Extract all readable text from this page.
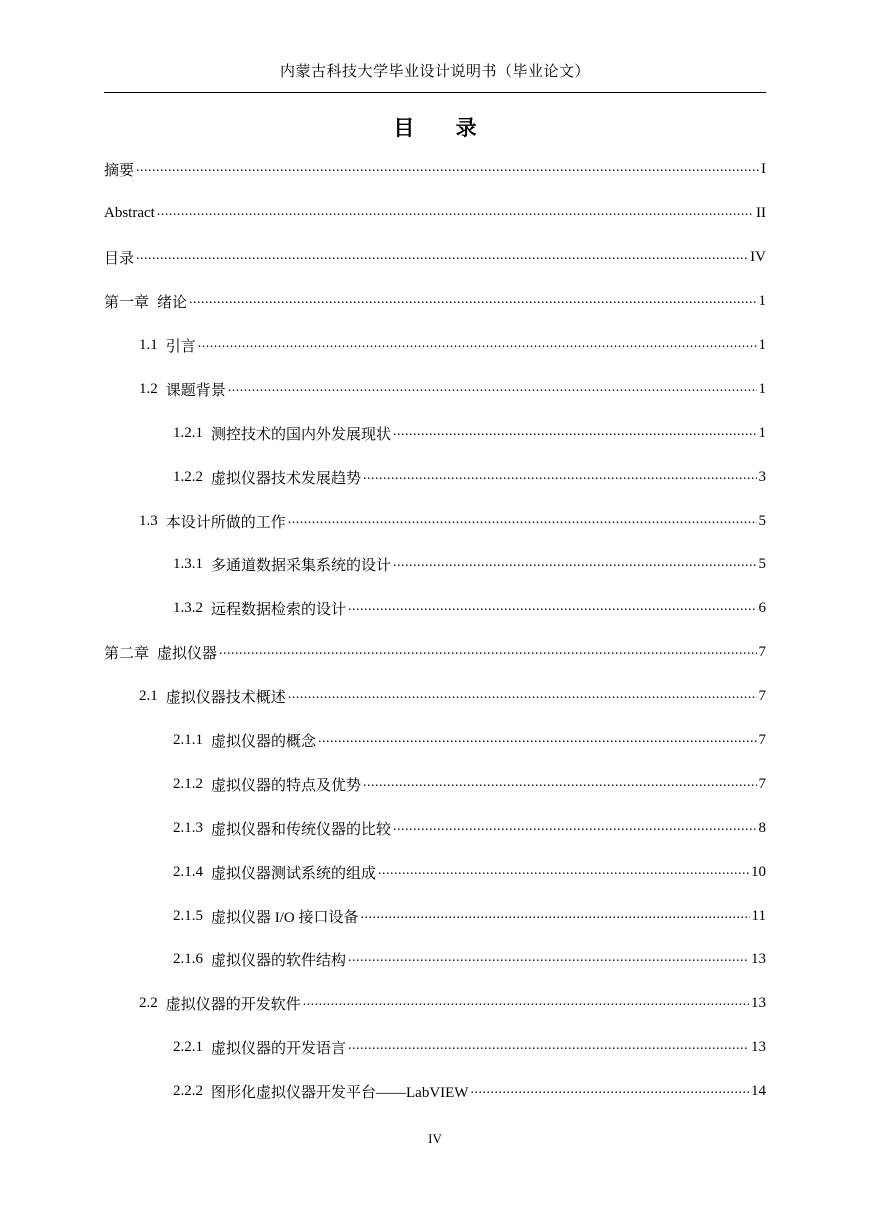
内蒙古科技大学毕业设计说明书（毕业论文）
目 录
摘要 .....	I
Abstract .....	II
目录 .....	IV
第一章 绪论 .....	1
1.1 引言 .....	1
1.2 课题背景 .....	1
1.2.1 测控技术的国内外发展现状 .....	1
1.2.2 虚拟仪器技术发展趋势 .....	3
1.3 本设计所做的工作 .....	5
1.3.1 多通道数据采集系统的设计 .....	5
1.3.2 远程数据检索的设计 .....	6
第二章 虚拟仪器 .....	7
2.1 虚拟仪器技术概述 .....	7
2.1.1 虚拟仪器的概念 .....	7
2.1.2 虚拟仪器的特点及优势 .....	7
2.1.3 虚拟仪器和传统仪器的比较 .....	8
2.1.4 虚拟仪器测试系统的组成 .....	10
2.1.5 虚拟仪器 I/O 接口设备 .....	11
2.1.6 虚拟仪器的软件结构 .....	13
2.2 虚拟仪器的开发软件 .....	13
2.2.1 虚拟仪器的开发语言 .....	13
2.2.2 图形化虚拟仪器开发平台——LabVIEW .....	14
IV
